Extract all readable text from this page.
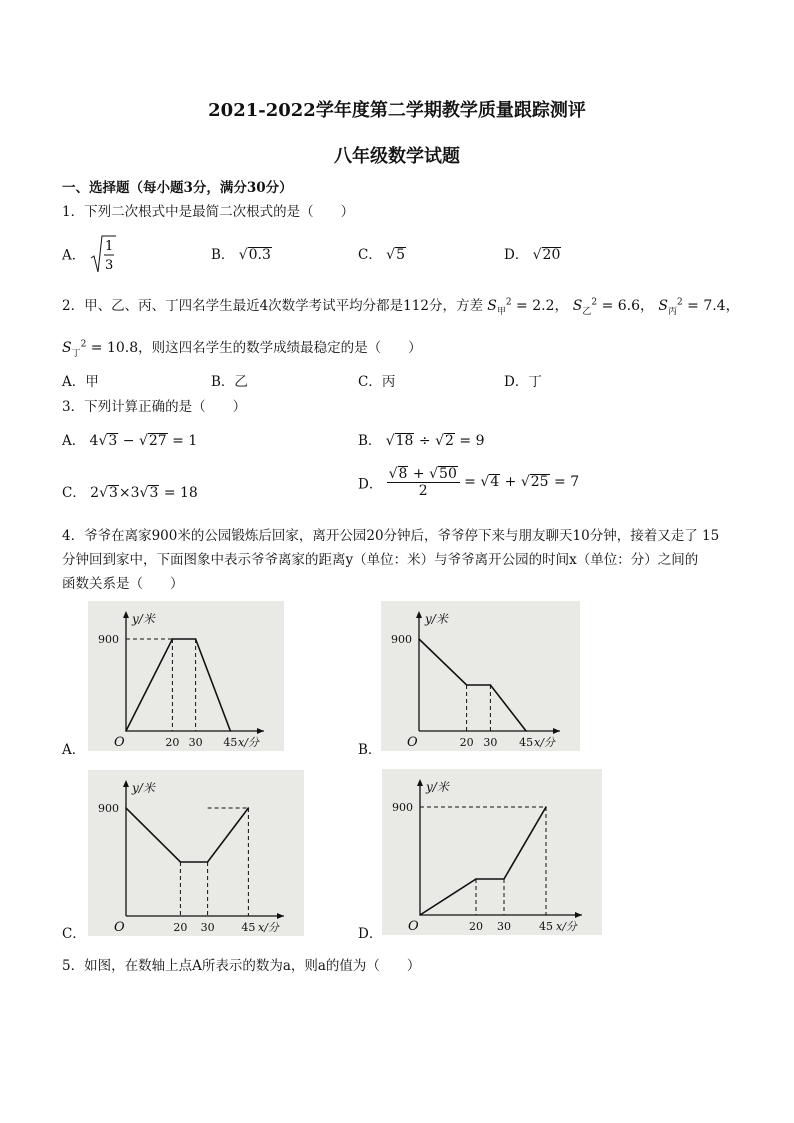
2021-2022学年度第二学期教学质量跟踪测评
八年级数学试题
一、选择题（每小题3分，满分30分）
1．下列二次根式中是最简二次根式的是（　　）
A．
1
3
B． √0.3	C． √5	D． √20
2．甲、乙、丙、丁四名学生最近4次数学考试平均分都是112分，方差 $S_甲^2 = 2.2$， $S_乙^2 = 6.6$， $S_丙^2 = 7.4$，
$S_丁^2 = 10.8$，则这四名学生的数学成绩最稳定的是（　　）
A．甲	B．乙	C．丙	D．丁
3．下列计算正确的是（　　）
A． 4√3 − √27 = 1	B． √18 ÷ √2 = 9
C． 2√3×3√3 = 18
D． $\frac{√8 + √50}{2} = √4 + √25 = 7$
4．爷爷在离家900米的公园锻炼后回家，离开公园20分钟后，爷爷停下来与朋友聊天10分钟，接着又走了 15
分钟回到家中，下面图象中表示爷爷离家的距离y（单位：米）与爷爷离开公园的时间x（单位：分）之间的
函数关系是（　　）
y/米
x/分
O
900
20 30 45
y/米
x/分
O
900
20 30 45
y/米
x/分
O
900
20 30 45
y/米
x/分
O
900
20 30	45
A．	B．
C．	D．
5．如图，在数轴上点A所表示的数为a，则a的值为（　　）
